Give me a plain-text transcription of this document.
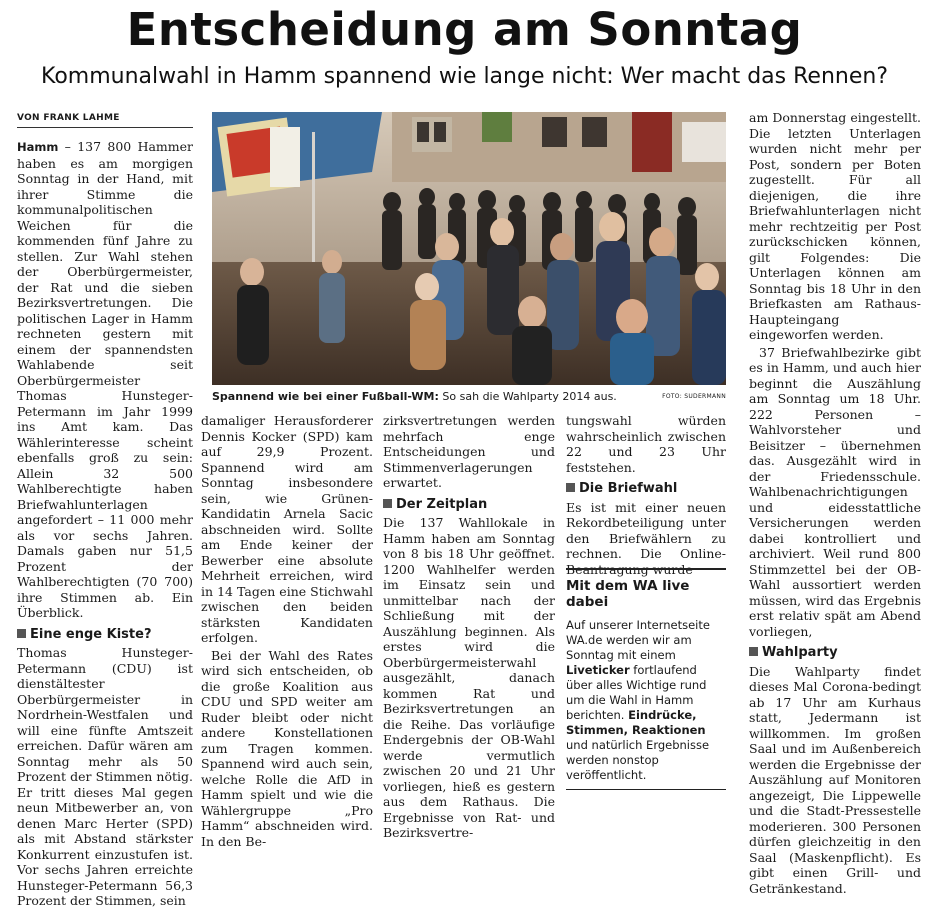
Entscheidung am Sonntag
Kommunalwahl in Hamm spannend wie lange nicht: Wer macht das Rennen?
VON FRANK LAHME

Hamm – 137 800 Hammer haben es am morgigen Sonntag in der Hand, mit ihrer Stimme die kommunalpolitischen Weichen für die kommenden fünf Jahre zu stellen. Zur Wahl stehen der Oberbürgermeister, der Rat und die sieben Bezirksvertretungen. Die politischen Lager in Hamm rechneten gestern mit einem der spannendsten Wahlabende seit Oberbürgermeister Thomas Hunsteger-Petermann im Jahr 1999 ins Amt kam. Das Wählerinteresse scheint ebenfalls groß zu sein: Allein 32 500 Wahlberechtigte haben Briefwahlunterlagen angefordert – 11 000 mehr als vor sechs Jahren. Damals gaben nur 51,5 Prozent der Wahlberechtigten (70 700) ihre Stimmen ab. Ein Überblick.

Eine enge Kiste?

Thomas Hunsteger-Petermann (CDU) ist dienstältester Oberbürgermeister in Nordrhein-Westfalen und will eine fünfte Amtszeit erreichen. Dafür wären am Sonntag mehr als 50 Prozent der Stimmen nötig. Er tritt dieses Mal gegen neun Mitbewerber an, von denen Marc Herter (SPD) als mit Abstand stärkster Konkurrent einzustufen ist. Vor sechs Jahren erreichte Hunsteger-Petermann 56,3 Prozent der Stimmen, sein

Spannend wie bei einer Fußball-WM: So sah die Wahlparty 2014 aus.	FOTO: SUDERMANN

damaliger Herausforderer Dennis Kocker (SPD) kam auf 29,9 Prozent. Spannend wird am Sonntag insbesondere sein, wie Grünen-Kandidatin Arnela Sacic abschneiden wird. Sollte am Ende keiner der Bewerber eine absolute Mehrheit erreichen, wird in 14 Tagen eine Stichwahl zwischen den beiden stärksten Kandidaten erfolgen.

Bei der Wahl des Rates wird sich entscheiden, ob die große Koalition aus CDU und SPD weiter am Ruder bleibt oder nicht andere Konstellationen zum Tragen kommen. Spannend wird auch sein, welche Rolle die AfD in Hamm spielt und wie die Wählergruppe „Pro Hamm“ abschneiden wird. In den Be-

zirksvertretungen werden mehrfach enge Entscheidungen und Stimmenverlagerungen erwartet.

Der Zeitplan

Die 137 Wahllokale in Hamm haben am Sonntag von 8 bis 18 Uhr geöffnet. 1200 Wahlhelfer werden im Einsatz sein und unmittelbar nach der Schließung mit der Auszählung beginnen. Als erstes wird die Oberbürgermeisterwahl ausgezählt, danach kommen Rat und Bezirksvertretungen an die Reihe. Das vorläufige Endergebnis der OB-Wahl werde vermutlich zwischen 20 und 21 Uhr vorliegen, hieß es gestern aus dem Rathaus. Die Ergebnisse von Rat- und Bezirksvertre-

tungswahl würden wahrscheinlich zwischen 22 und 23 Uhr feststehen.

Die Briefwahl

Es ist mit einer neuen Rekordbeteiligung unter den Briefwählern zu rechnen. Die Online-Beantragung wurde

Mit dem WA live dabei
Auf unserer Internetseite WA.de werden wir am Sonntag mit einem Liveticker fortlaufend über alles Wichtige rund um die Wahl in Hamm berichten. Eindrücke, Stimmen, Reaktionen und natürlich Ergebnisse werden nonstop veröffentlicht.

am Donnerstag eingestellt. Die letzten Unterlagen wurden nicht mehr per Post, sondern per Boten zugestellt. Für all diejenigen, die ihre Briefwahlunterlagen nicht mehr rechtzeitig per Post zurückschicken können, gilt Folgendes: Die Unterlagen können am Sonntag bis 18 Uhr in den Briefkasten am Rathaus-Haupteingang eingeworfen werden.

37 Briefwahlbezirke gibt es in Hamm, und auch hier beginnt die Auszählung am Sonntag um 18 Uhr. 222 Personen – Wahlvorsteher und Beisitzer – übernehmen das. Ausgezählt wird in der Friedensschule. Wahlbenachrichtigungen und eidesstattliche Versicherungen werden dabei kontrolliert und archiviert. Weil rund 800 Stimmzettel bei der OB-Wahl aussortiert werden müssen, wird das Ergebnis erst relativ spät am Abend vorliegen,

Wahlparty

Die Wahlparty findet dieses Mal Corona-bedingt ab 17 Uhr am Kurhaus statt, Jedermann ist willkommen. Im großen Saal und im Außenbereich werden die Ergebnisse der Auszählung auf Monitoren angezeigt, Die Lippewelle und die Stadt-Pressestelle moderieren. 300 Personen dürfen gleichzeitig in den Saal (Maskenpflicht). Es gibt einen Grill- und Getränkestand.
